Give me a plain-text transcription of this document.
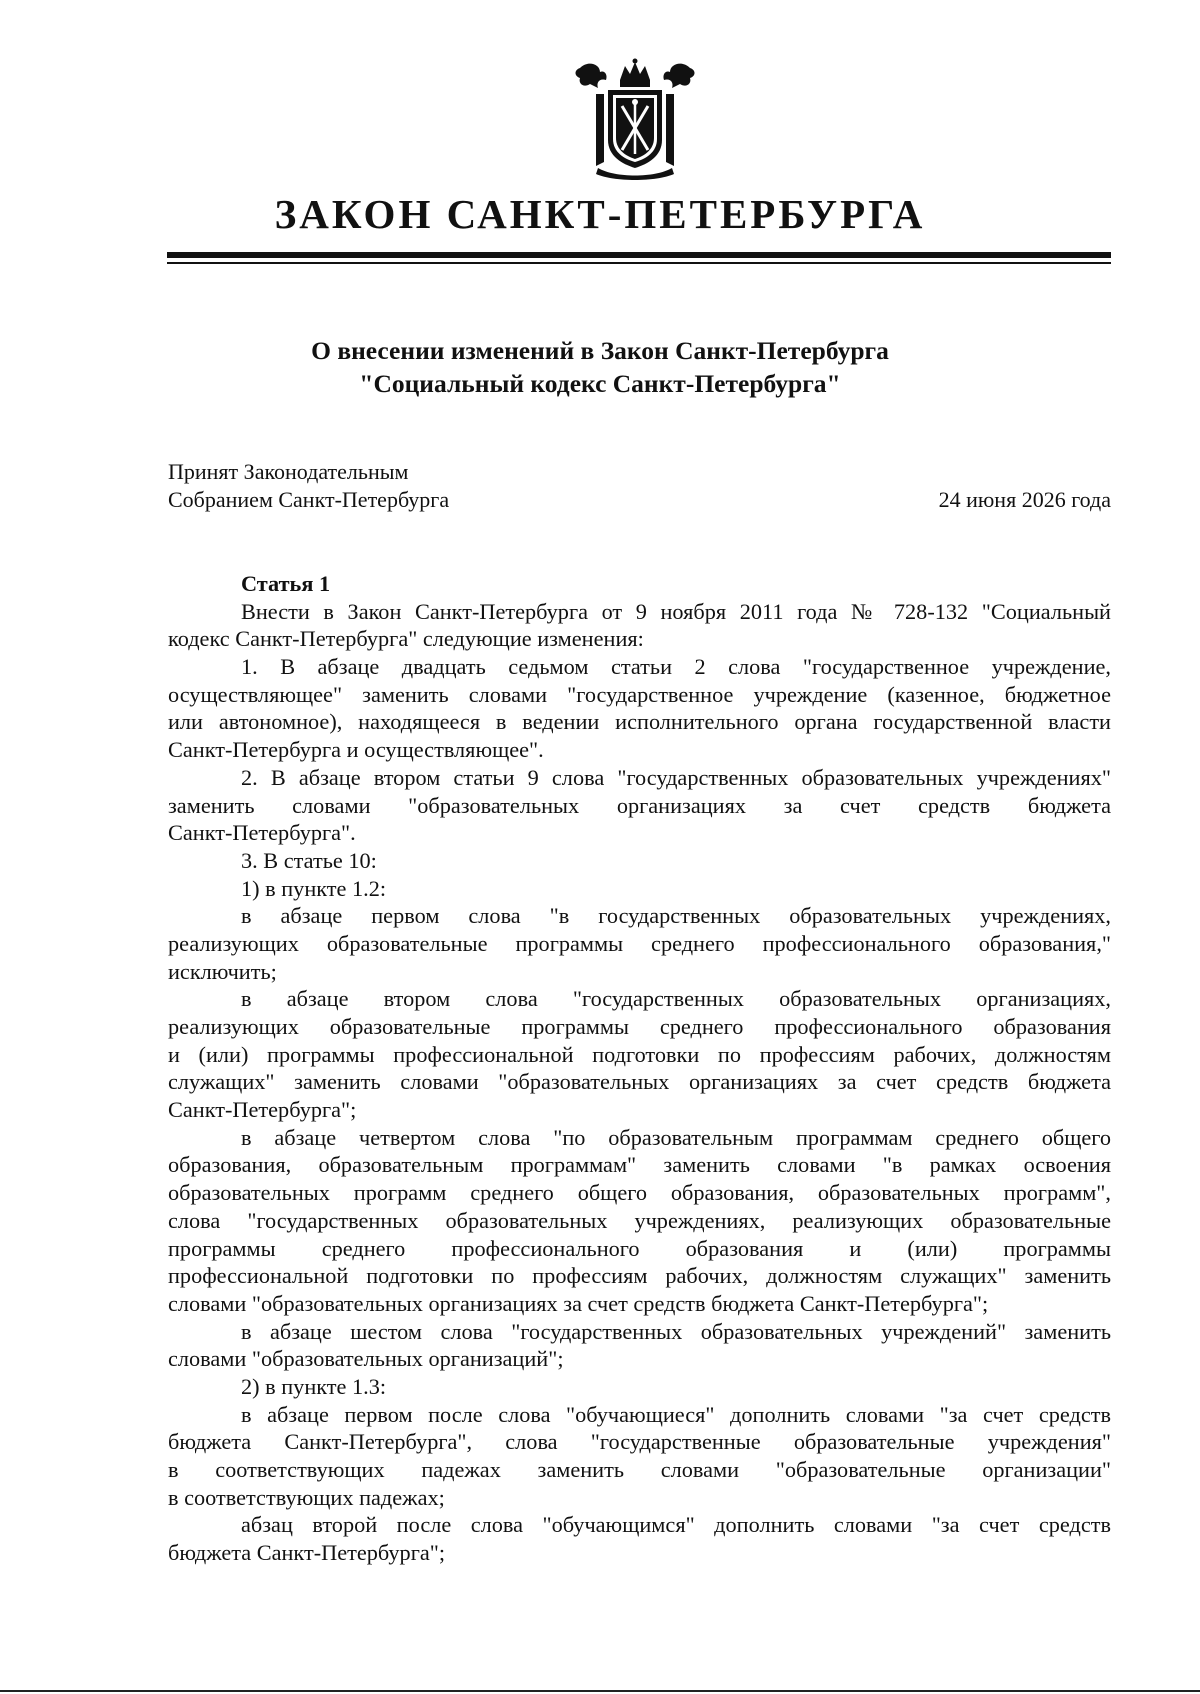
ЗАКОН САНКТ-ПЕТЕРБУРГА
О внесении изменений в Закон Санкт-Петербурга
"Социальный кодекс Санкт-Петербурга"
Принят Законодательным
Собранием Санкт-Петербурга	24 июня 2026 года
Статья 1
Внести в Закон Санкт-Петербурга от 9 ноября 2011 года № 728-132 "Социальный
кодекс Санкт-Петербурга" следующие изменения:
1. В абзаце двадцать седьмом статьи 2 слова "государственное учреждение,
осуществляющее" заменить словами "государственное учреждение (казенное, бюджетное
или автономное), находящееся в ведении исполнительного органа государственной власти
Санкт-Петербурга и осуществляющее".
2. В абзаце втором статьи 9 слова "государственных образовательных учреждениях"
заменить словами "образовательных организациях за счет средств бюджета
Санкт-Петербурга".
3. В статье 10:
1) в пункте 1.2:
в абзаце первом слова "в государственных образовательных учреждениях,
реализующих образовательные программы среднего профессионального образования,"
исключить;
в абзаце втором слова "государственных образовательных организациях,
реализующих образовательные программы среднего профессионального образования
и (или) программы профессиональной подготовки по профессиям рабочих, должностям
служащих" заменить словами "образовательных организациях за счет средств бюджета
Санкт-Петербурга";
в абзаце четвертом слова "по образовательным программам среднего общего
образования, образовательным программам" заменить словами "в рамках освоения
образовательных программ среднего общего образования, образовательных программ",
слова "государственных образовательных учреждениях, реализующих образовательные
программы среднего профессионального образования и (или) программы
профессиональной подготовки по профессиям рабочих, должностям служащих" заменить
словами "образовательных организациях за счет средств бюджета Санкт-Петербурга";
в абзаце шестом слова "государственных образовательных учреждений" заменить
словами "образовательных организаций";
2) в пункте 1.3:
в абзаце первом после слова "обучающиеся" дополнить словами "за счет средств
бюджета Санкт-Петербурга", слова "государственные образовательные учреждения"
в соответствующих падежах заменить словами "образовательные организации"
в соответствующих падежах;
абзац второй после слова "обучающимся" дополнить словами "за счет средств
бюджета Санкт-Петербурга";
